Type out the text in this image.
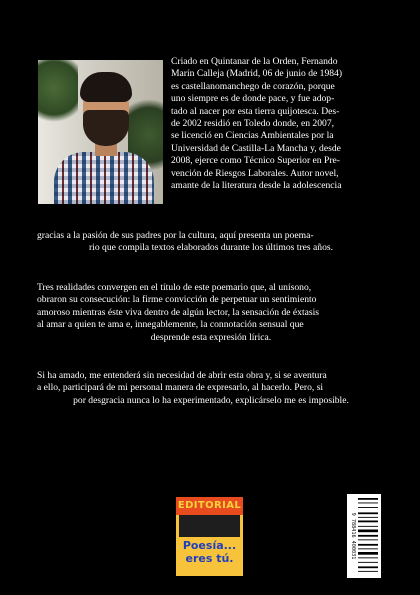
Criado en Quintanar de la Orden, Fernando
Marín Calleja (Madrid, 06 de junio de 1984)
es castellanomanchego de corazón, porque
uno siempre es de donde pace, y fue adop-
tado al nacer por esta tierra quijotesca. Des-
de 2002 residió en Toledo donde, en 2007,
se licenció en Ciencias Ambientales por la
Universidad de Castilla-La Mancha y, desde
2008, ejerce como Técnico Superior en Pre-
vención de Riesgos Laborales. Autor novel,
amante de la literatura desde la adolescencia
gracias a la pasión de sus padres por la cultura, aquí presenta un poema-
rio que compila textos elaborados durante los últimos tres años.
Tres realidades convergen en el título de este poemario que, al unísono,
obraron su consecución: la firme convicción de perpetuar un sentimiento
amoroso mientras éste viva dentro de algún lector, la sensación de éxtasis
al amar a quien te ama e, innegablemente, la connotación sensual que
desprende esta expresión lírica.
Si ha amado, me entenderá sin necesidad de abrir esta obra y, si se aventura
a ello, participará de mi personal manera de expresarlo, al hacerlo. Pero, si
por desgracia nunca lo ha experimentado, explicárselo me es imposible.
EDITORIAL
Poesía...
eres tú.	9 788416 400031
